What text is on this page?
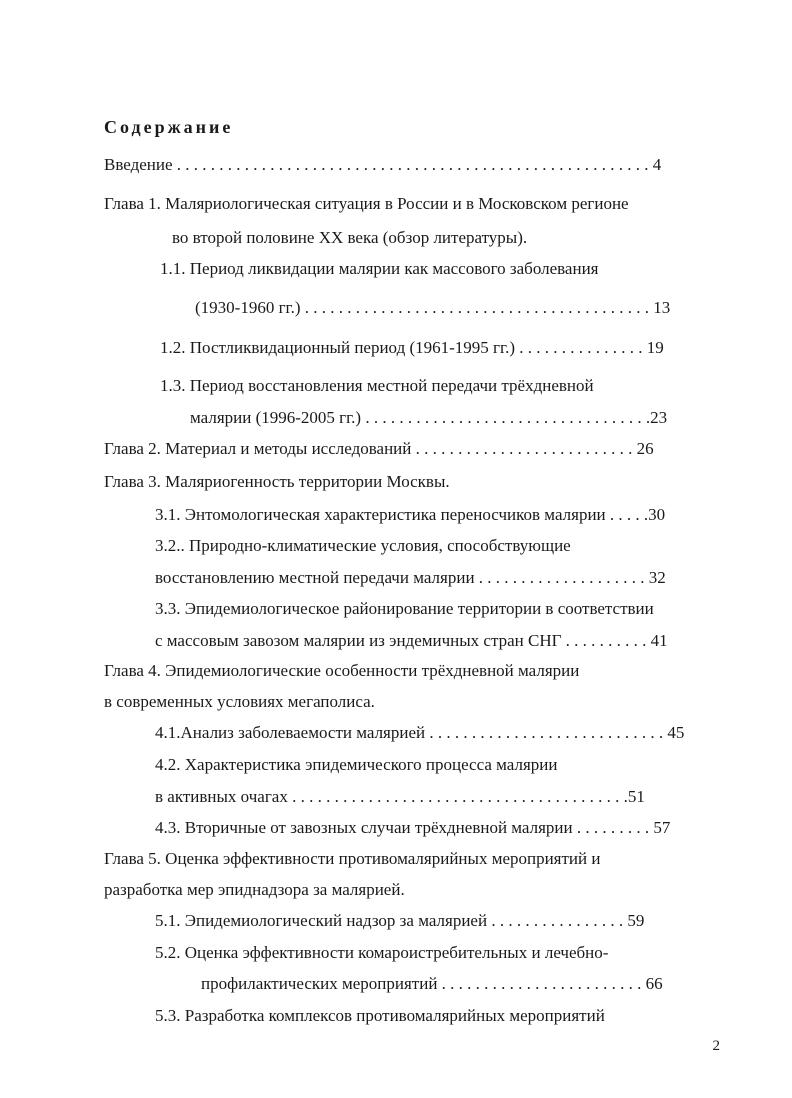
Содержание
Введение . . . . . . . . . . . . . . . . . . . . . . . . . . . . . . . . . . . . . . . . . . . . . . . . . . . . . . . . 4
Глава 1. Маляриологическая ситуация в России и в Московском регионе
во второй половине XX века (обзор литературы).
1.1. Период ликвидации малярии как массового заболевания
(1930-1960 гг.) . . . . . . . . . . . . . . . . . . . . . . . . . . . . . . . . . . . . . . . . . 13
1.2. Постликвидационный период (1961-1995 гг.) . . . . . . . . . . . . . . . 19
1.3. Период восстановления местной передачи трёхдневной
малярии (1996-2005 гг.) . . . . . . . . . . . . . . . . . . . . . . . . . . . . . . . . . .23
Глава 2. Материал и методы исследований . . . . . . . . . . . . . . . . . . . . . . . . . . 26
Глава 3. Маляриогенность территории Москвы.
3.1. Энтомологическая характеристика переносчиков малярии . . . . .30
3.2.. Природно-климатические условия, способствующие
восстановлению местной передачи малярии . . . . . . . . . . . . . . . . . . . . 32
3.3. Эпидемиологическое районирование территории в соответствии
с массовым завозом малярии из эндемичных стран СНГ . . . . . . . . . . 41
Глава 4. Эпидемиологические особенности трёхдневной малярии
в современных условиях мегаполиса.
4.1.Анализ заболеваемости малярией . . . . . . . . . . . . . . . . . . . . . . . . . . . . 45
4.2. Характеристика эпидемического процесса малярии
в активных очагах . . . . . . . . . . . . . . . . . . . . . . . . . . . . . . . . . . . . . . . .51
4.3. Вторичные от завозных случаи трёхдневной малярии . . . . . . . . . 57
Глава 5. Оценка эффективности противомалярийных мероприятий и
разработка мер эпиднадзора за малярией.
5.1. Эпидемиологический надзор за малярией . . . . . . . . . . . . . . . . 59
5.2. Оценка эффективности комароистребительных и лечебно-
профилактических мероприятий . . . . . . . . . . . . . . . . . . . . . . . . 66
5.3. Разработка комплексов противомалярийных мероприятий
2
